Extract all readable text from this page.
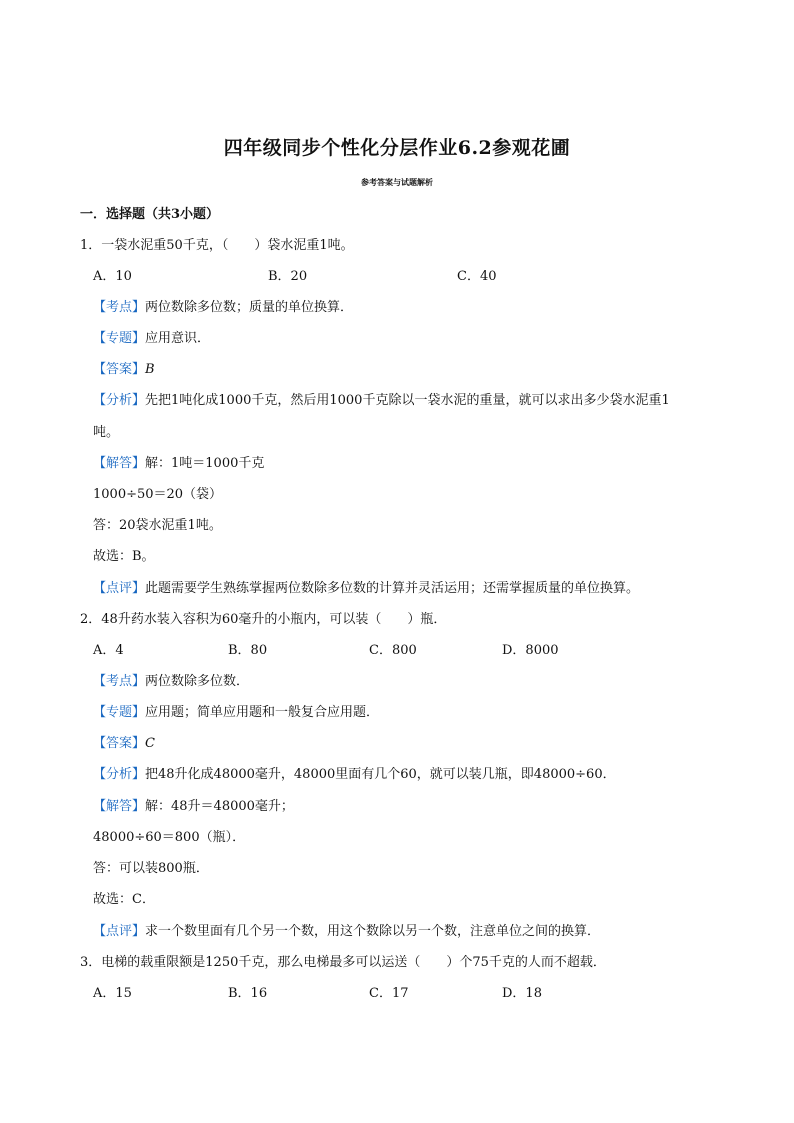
四年级同步个性化分层作业6.2参观花圃
参考答案与试题解析
一．选择题（共3小题）
1．一袋水泥重50千克，（　　）袋水泥重1吨。
A．10	B．20	C．40
【考点】两位数除多位数；质量的单位换算．
【专题】应用意识．
【答案】B
【分析】先把1吨化成1000千克，然后用1000千克除以一袋水泥的重量，就可以求出多少袋水泥重1
吨。
【解答】解：1吨＝1000千克
1000÷50＝20（袋）
答：20袋水泥重1吨。
故选：B。
【点评】此题需要学生熟练掌握两位数除多位数的计算并灵活运用；还需掌握质量的单位换算。
2．48升药水装入容积为60毫升的小瓶内，可以装（　　）瓶．
A．4	B．80	C．800	D．8000
【考点】两位数除多位数．
【专题】应用题；简单应用题和一般复合应用题．
【答案】C
【分析】把48升化成48000毫升，48000里面有几个60，就可以装几瓶，即48000÷60．
【解答】解：48升＝48000毫升；
48000÷60＝800（瓶）．
答：可以装800瓶．
故选：C．
【点评】求一个数里面有几个另一个数，用这个数除以另一个数，注意单位之间的换算．
3．电梯的载重限额是1250千克，那么电梯最多可以运送（　　）个75千克的人而不超载．
A．15	B．16	C．17	D．18
